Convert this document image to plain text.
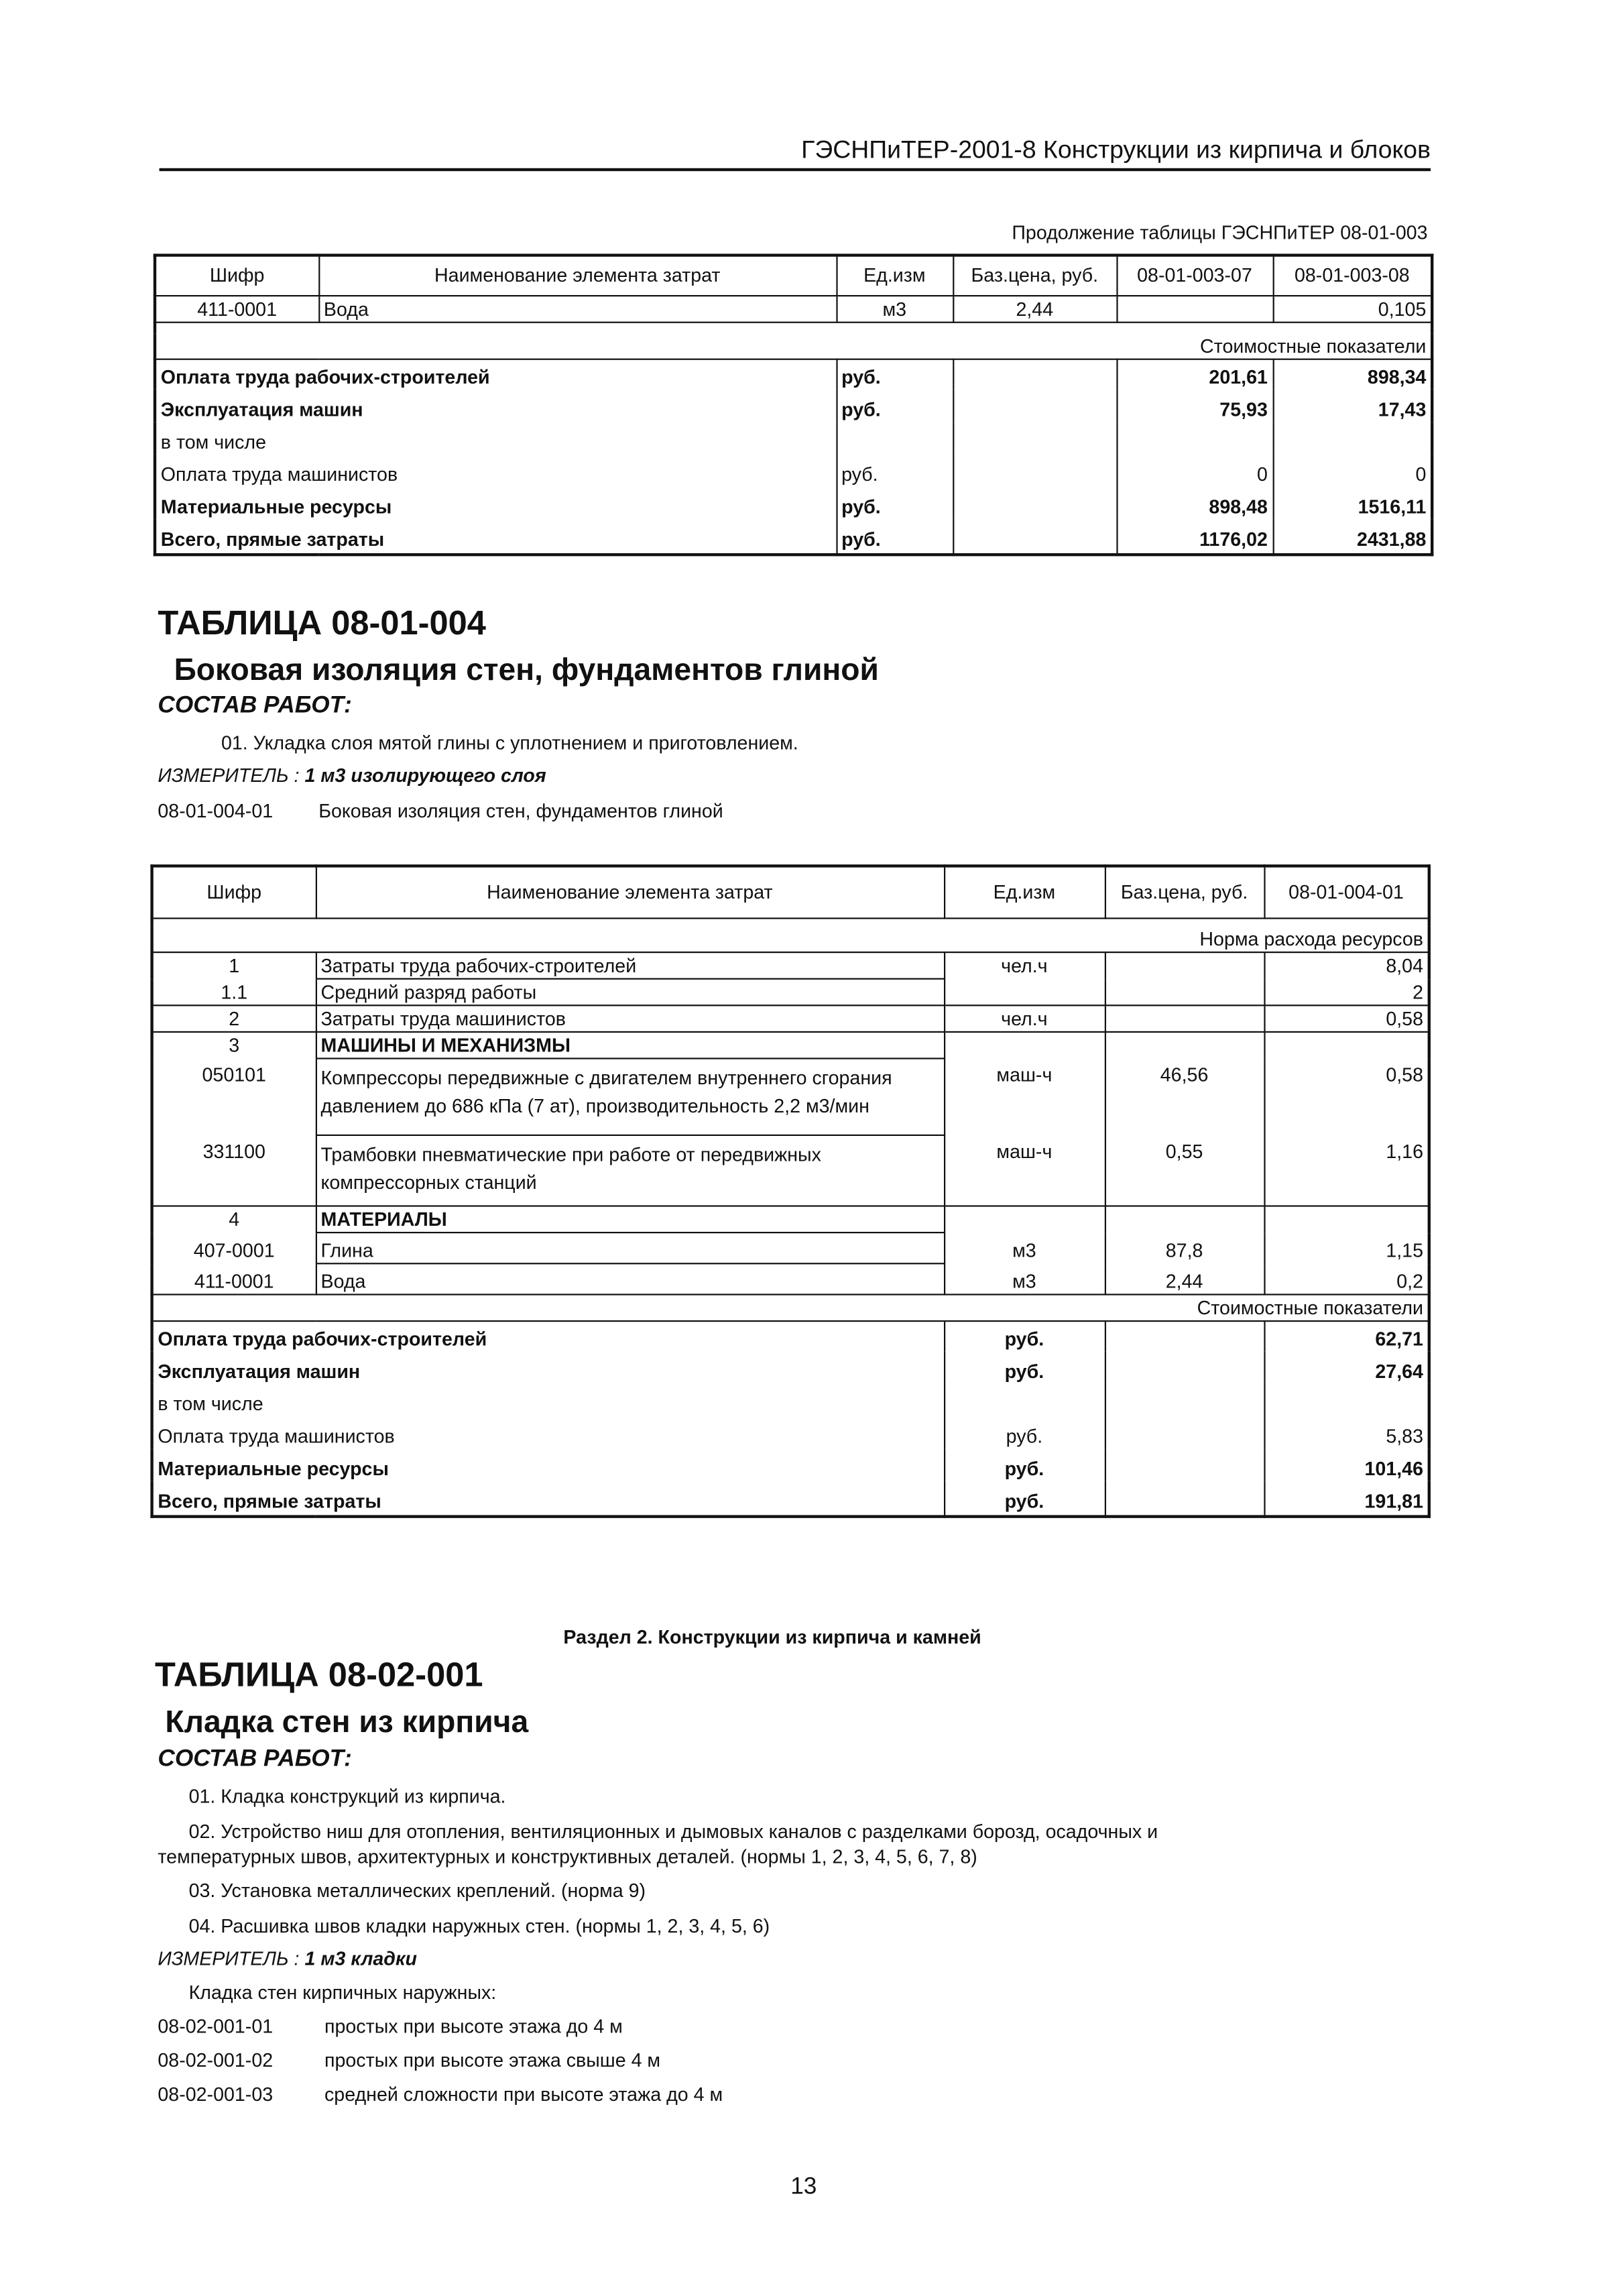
ГЭСНПиТЕР-2001-8 Конструкции из кирпича и блоков
Продолжение таблицы ГЭСНПиТЕР 08-01-003
Шифр	Наименование элемента затрат	Ед.изм	Баз.цена, руб.	08-01-003-07	08-01-003-08
411-0001	Вода	м3	2,44		0,105

Стоимостные показатели					
Оплата труда рабочих-строителей		руб.		201,61	898,34
Эксплуатация машин		руб.		75,93	17,43
в том числе					
Оплата труда машинистов		руб.		0	0
Материальные ресурсы		руб.		898,48	1516,11
Всего, прямые затраты		руб.		1176,02	2431,88
ТАБЛИЦА 08-01-004
Боковая изоляция стен, фундаментов глиной
СОСТАВ РАБОТ:
01. Укладка слоя мятой глины с уплотнением и приготовлением.
ИЗМЕРИТЕЛЬ : 1 м3 изолирующего слоя
08-01-004-01	Боковая изоляция стен, фундаментов глиной
Шифр	Наименование элемента затрат	Ед.изм	Баз.цена, руб.	08-01-004-01

Норма расхода ресурсов				
1	Затраты труда рабочих-строителей	чел.ч		8,04
1.1	Средний разряд работы			2
2	Затраты труда машинистов	чел.ч		0,58
3	МАШИНЫ И МЕХАНИЗМЫ			
050101	Компрессоры передвижные с двигателем внутреннего сгорания давлением до 686 кПа (7 ат), производительность 2,2 м3/мин	маш-ч	46,56	0,58
331100	Трамбовки пневматические при работе от передвижных компрессорных станций	маш-ч	0,55	1,16
4	МАТЕРИАЛЫ			
407-0001	Глина	м3	87,8	1,15
411-0001	Вода	м3	2,44	0,2
Стоимостные показатели				
Оплата труда рабочих-строителей		руб.		62,71
Эксплуатация машин		руб.		27,64
в том числе				
Оплата труда машинистов		руб.		5,83
Материальные ресурсы		руб.		101,46
Всего, прямые затраты		руб.		191,81
Раздел 2. Конструкции из кирпича и камней
ТАБЛИЦА 08-02-001
Кладка стен из кирпича
СОСТАВ РАБОТ:
01. Кладка конструкций из кирпича.
02. Устройство ниш для отопления, вентиляционных и дымовых каналов с разделками борозд, осадочных и
температурных швов, архитектурных и конструктивных деталей. (нормы 1, 2, 3, 4, 5, 6, 7, 8)
03. Установка металлических креплений. (норма 9)
04. Расшивка швов кладки наружных стен. (нормы 1, 2, 3, 4, 5, 6)
ИЗМЕРИТЕЛЬ : 1 м3 кладки
Кладка стен кирпичных наружных:
08-02-001-01	простых при высоте этажа до 4 м
08-02-001-02	простых при высоте этажа свыше 4 м
08-02-001-03	средней сложности при высоте этажа до 4 м
13
